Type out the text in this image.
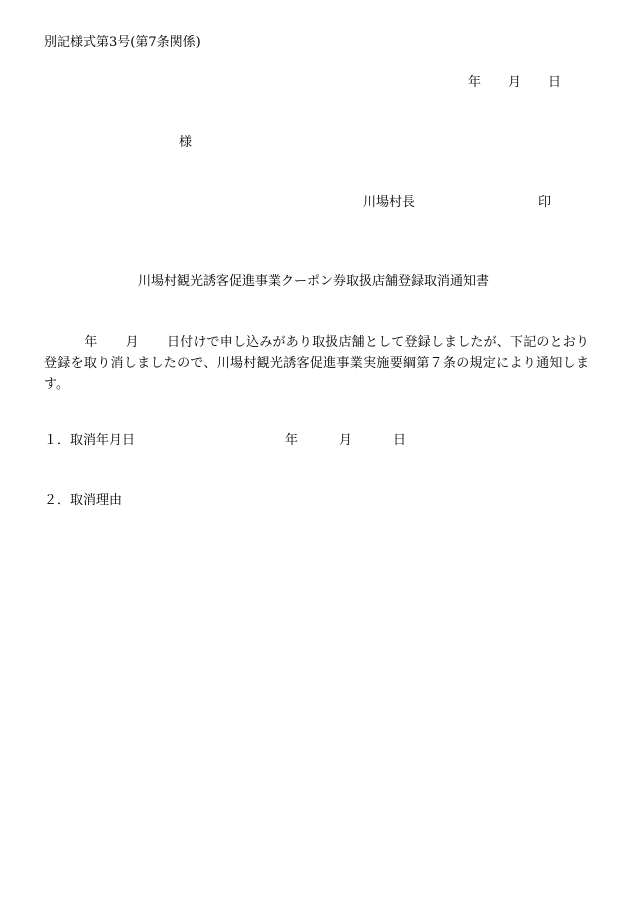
別記様式第3号(第7条関係)
年 月 日
様
川場村長	印
川場村観光誘客促進事業クーポン券取扱店舗登録取消通知書
年 月 日付けで申し込みがあり取扱店舗として登録しましたが、下記のとおり登録を取り消しましたので、川場村観光誘客促進事業実施要綱第７条の規定により通知します。
１．取消年月日	年	月	日
２．取消理由
